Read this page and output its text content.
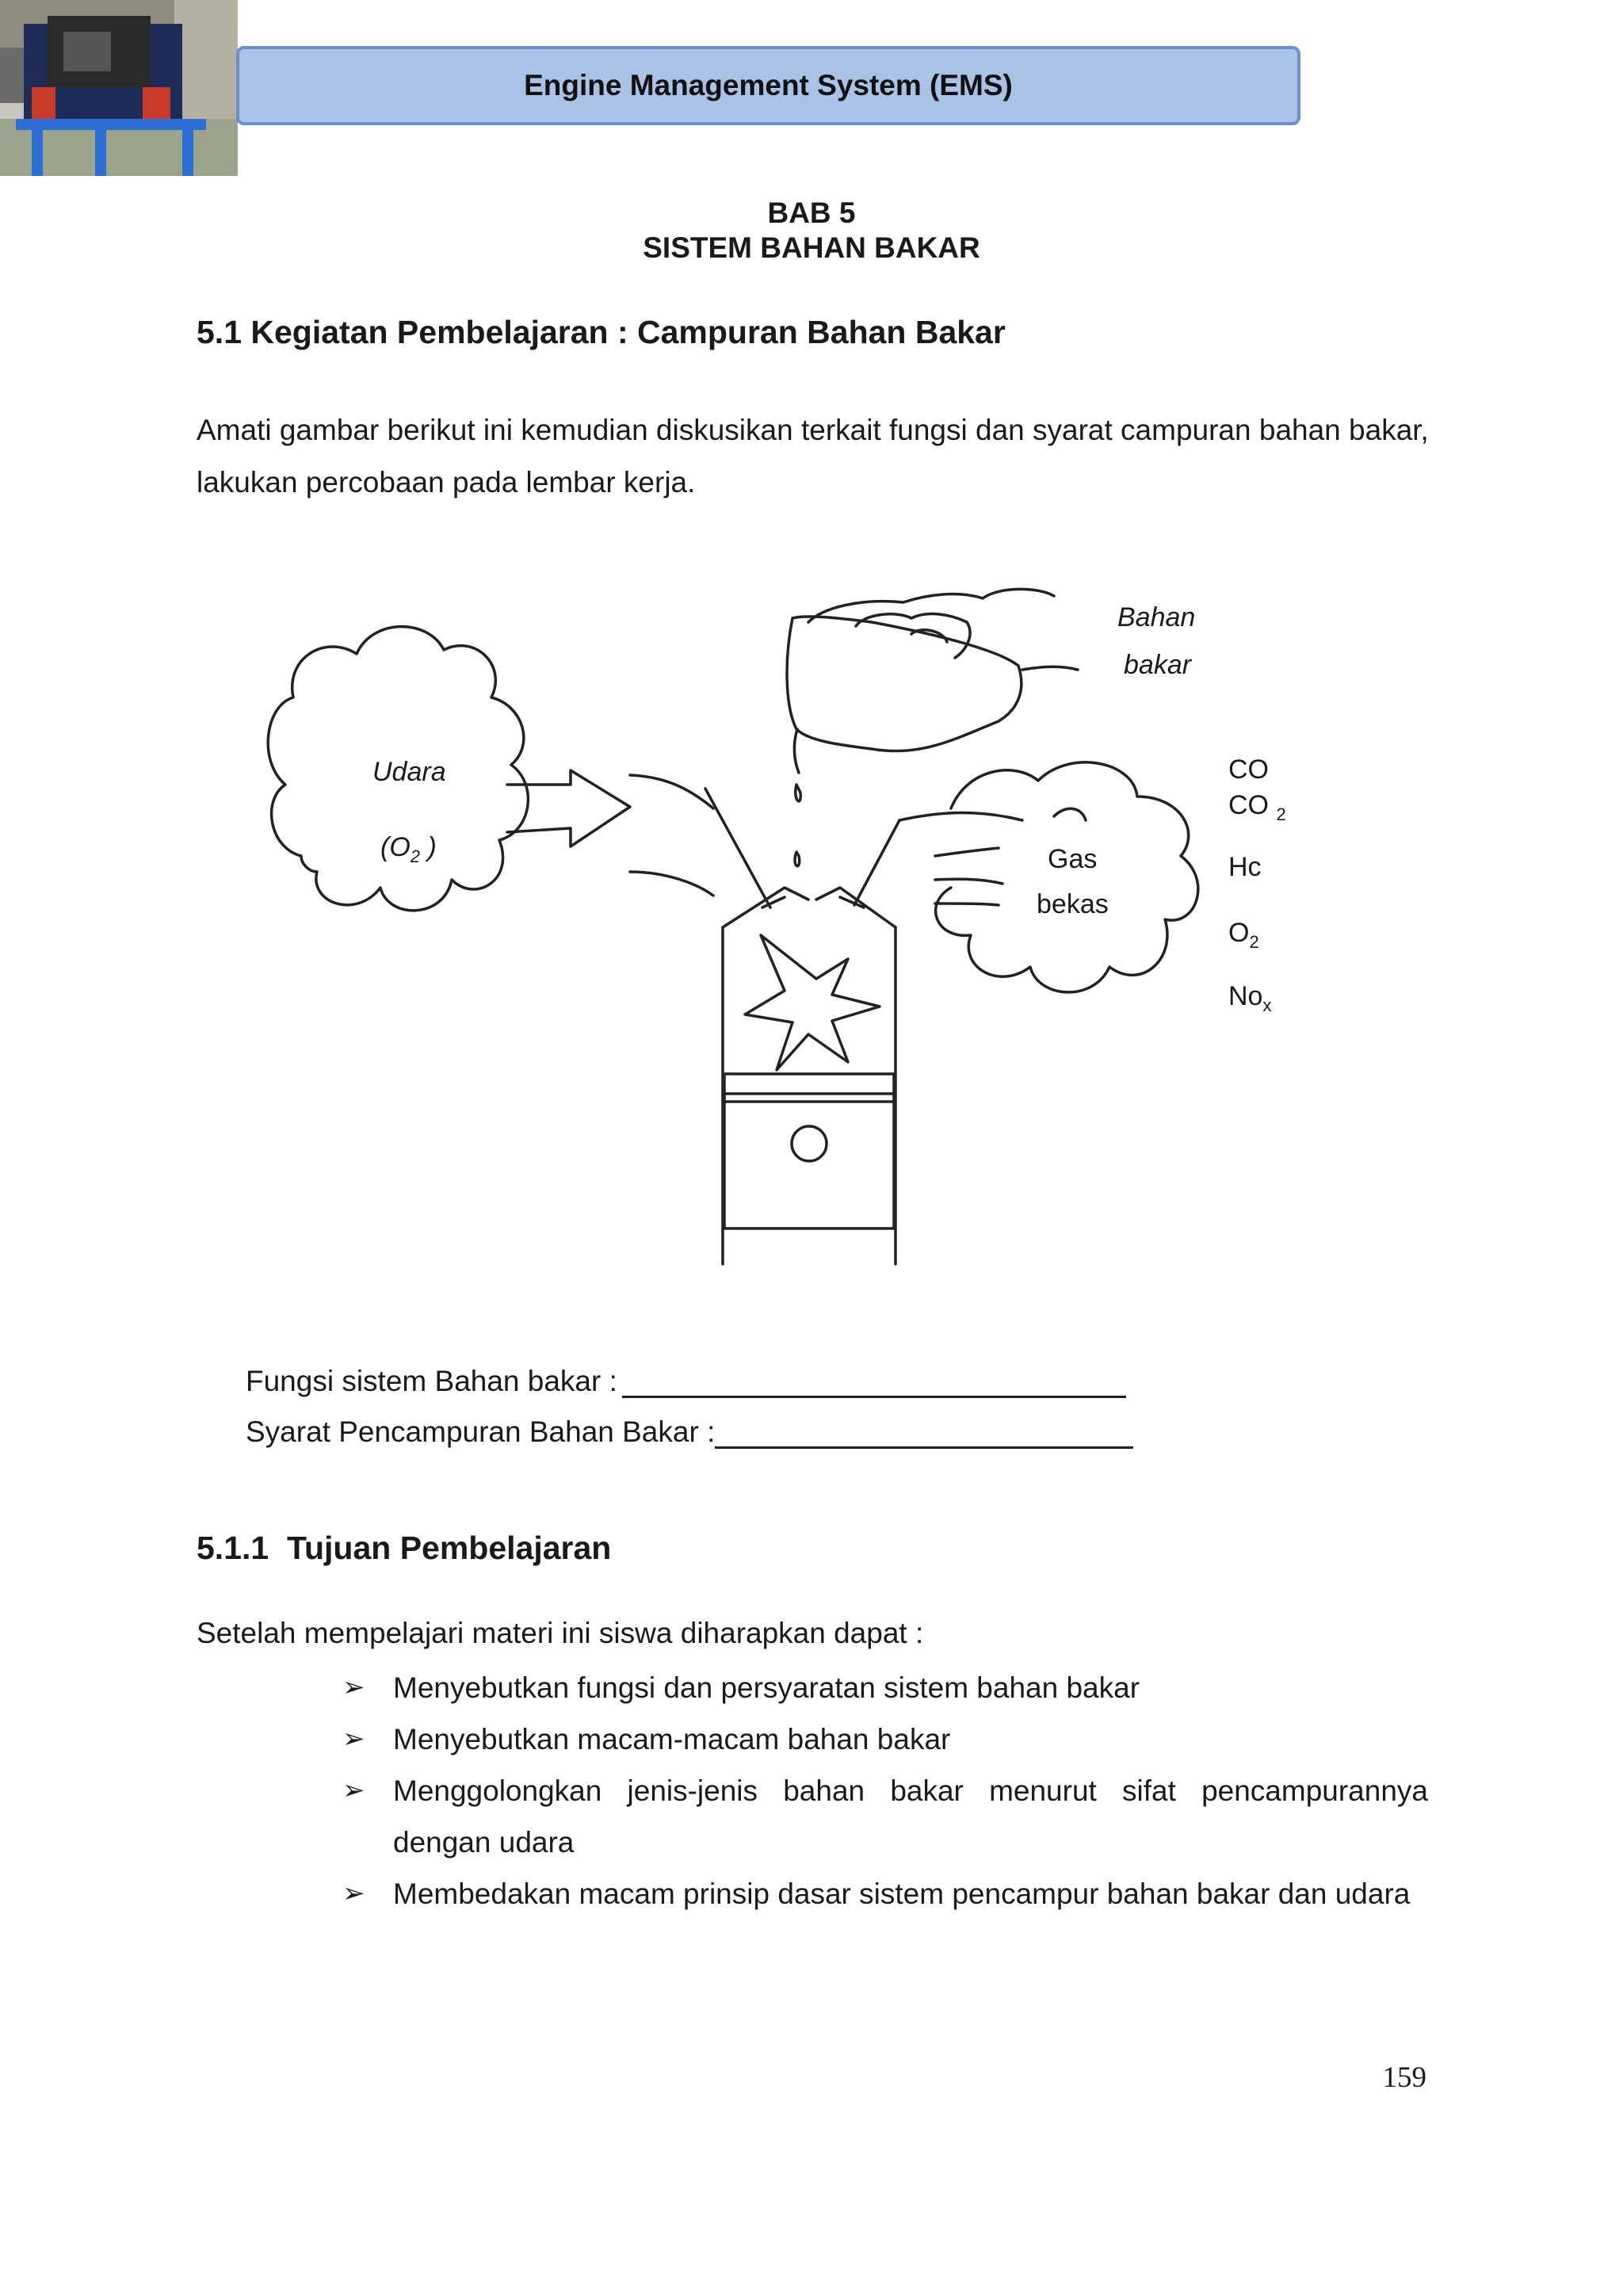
Engine Management System (EMS)
BAB 5
SISTEM BAHAN BAKAR
5.1 Kegiatan Pembelajaran : Campuran Bahan Bakar
Amati gambar berikut ini kemudian diskusikan terkait fungsi dan syarat campuran bahan bakar, lakukan percobaan pada lembar kerja.
Udara
($O_2$ )
Bahan
bakar
Gas
bekas
CO
CO $_2$
Hc
$O_2$
$No_x$
Fungsi sistem Bahan bakar :
Syarat Pencampuran Bahan Bakar :
5.1.1  Tujuan Pembelajaran
Setelah mempelajari materi ini siswa diharapkan dapat :
➢ Menyebutkan fungsi dan persyaratan sistem bahan bakar
➢ Menyebutkan macam-macam bahan bakar
➢ Menggolongkan jenis-jenis bahan bakar menurut sifat pencampurannya dengan udara
➢ Membedakan macam prinsip dasar sistem pencampur bahan bakar dan udara
159
